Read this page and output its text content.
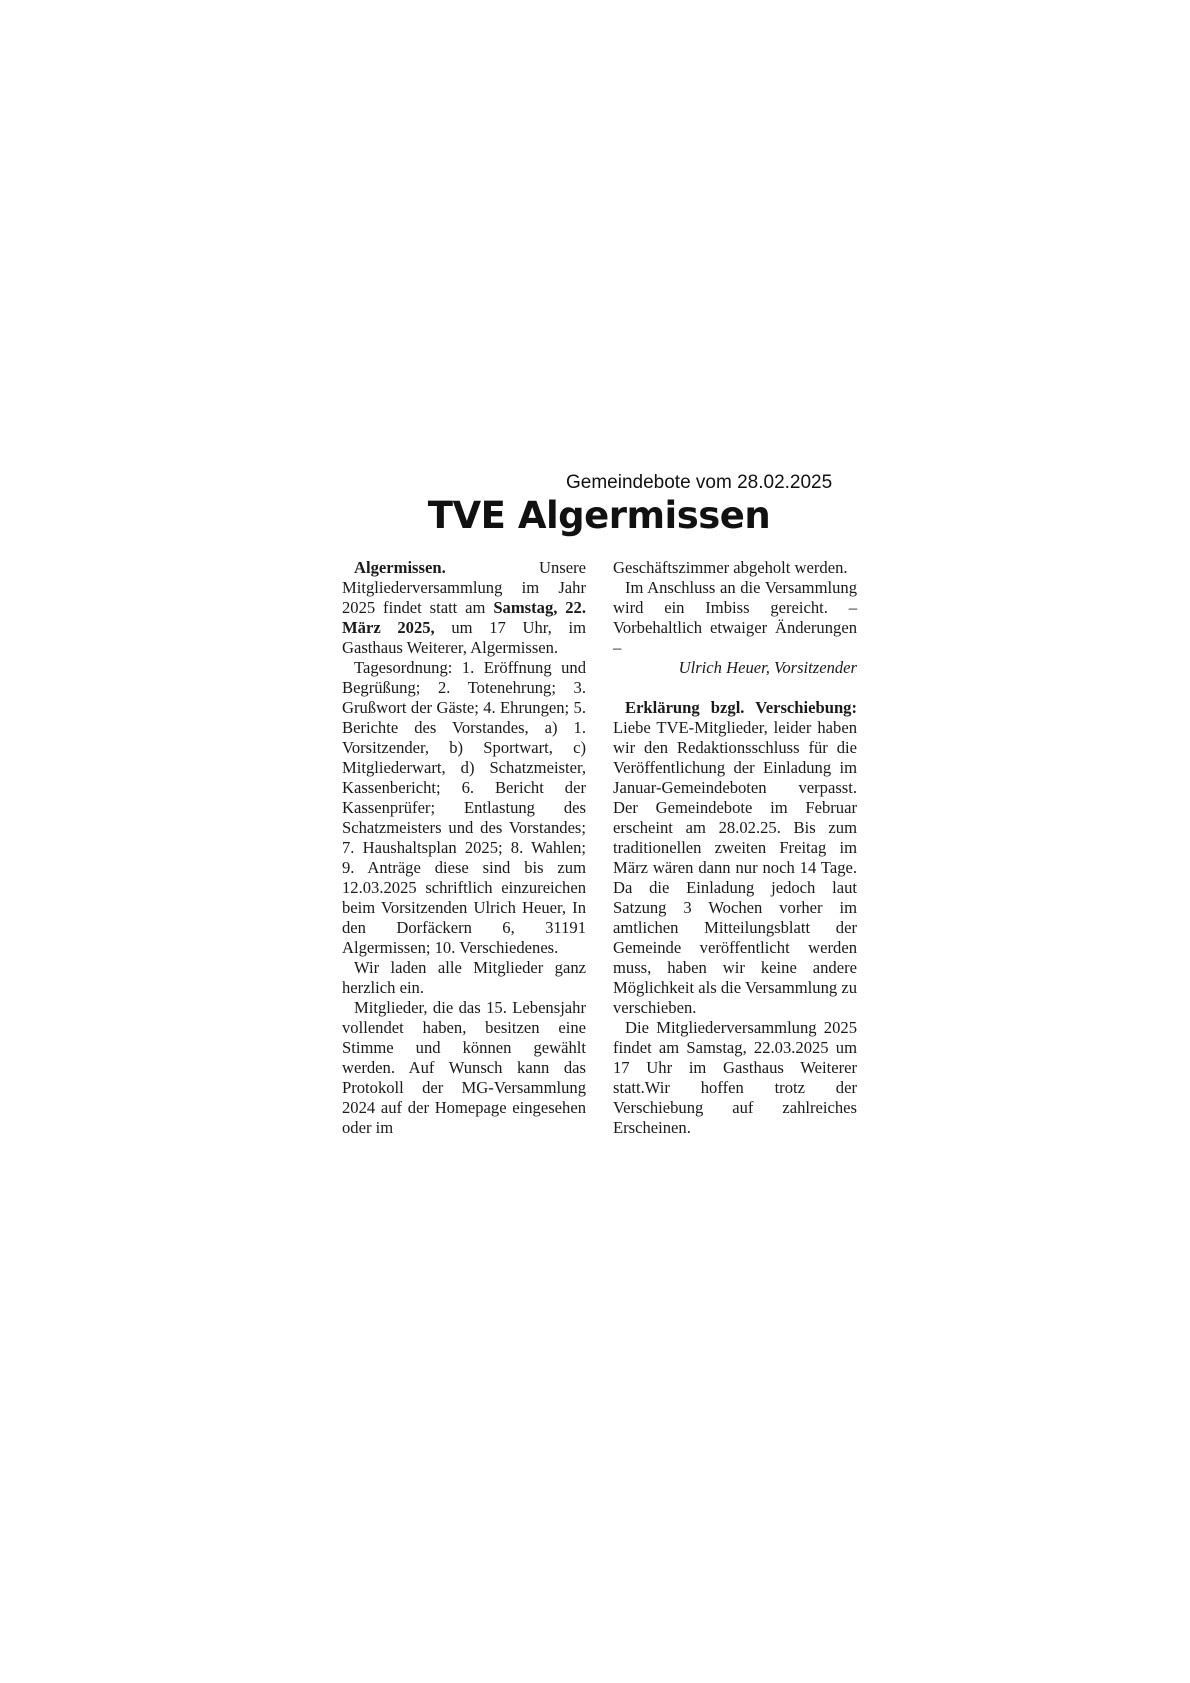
Gemeindebote vom 28.02.2025
TVE Algermissen

Algermissen. Unsere Mitgliederversammlung im Jahr 2025 findet statt am Samstag, 22. März 2025, um 17 Uhr, im Gasthaus Weiterer, Algermissen.

Tagesordnung: 1. Eröffnung und Begrüßung; 2. Totenehrung; 3. Grußwort der Gäste; 4. Ehrungen; 5. Berichte des Vorstandes, a) 1. Vorsitzender, b) Sportwart, c) Mitgliederwart, d) Schatzmeister, Kassenbericht; 6. Bericht der Kassenprüfer; Entlastung des Schatzmeisters und des Vorstandes; 7. Haushaltsplan 2025; 8. Wahlen; 9. Anträge diese sind bis zum 12.03.2025 schriftlich einzureichen beim Vorsitzenden Ulrich Heuer, In den Dorfäckern 6, 31191 Algermissen; 10. Verschiedenes.

Wir laden alle Mitglieder ganz herzlich ein.

Mitglieder, die das 15. Lebensjahr vollendet haben, besitzen eine Stimme und können gewählt werden. Auf Wunsch kann das Protokoll der MG-Versammlung 2024 auf der Homepage eingesehen oder im

Geschäftszimmer abgeholt werden.

Im Anschluss an die Versammlung wird ein Imbiss gereicht. – Vorbehaltlich etwaiger Änderungen –

Ulrich Heuer, Vorsitzender

Erklärung bzgl. Verschiebung: Liebe TVE-Mitglieder, leider haben wir den Redaktionsschluss für die Veröffentlichung der Einladung im Januar-Gemeindeboten verpasst. Der Gemeindebote im Februar erscheint am 28.02.25. Bis zum traditionellen zweiten Freitag im März wären dann nur noch 14 Tage. Da die Einladung jedoch laut Satzung 3 Wochen vorher im amtlichen Mitteilungsblatt der Gemeinde veröffentlicht werden muss, haben wir keine andere Möglichkeit als die Versammlung zu verschieben.

Die Mitgliederversammlung 2025 findet am Samstag, 22.03.2025 um 17 Uhr im Gasthaus Weiterer statt.Wir hoffen trotz der Verschiebung auf zahlreiches Erscheinen.
